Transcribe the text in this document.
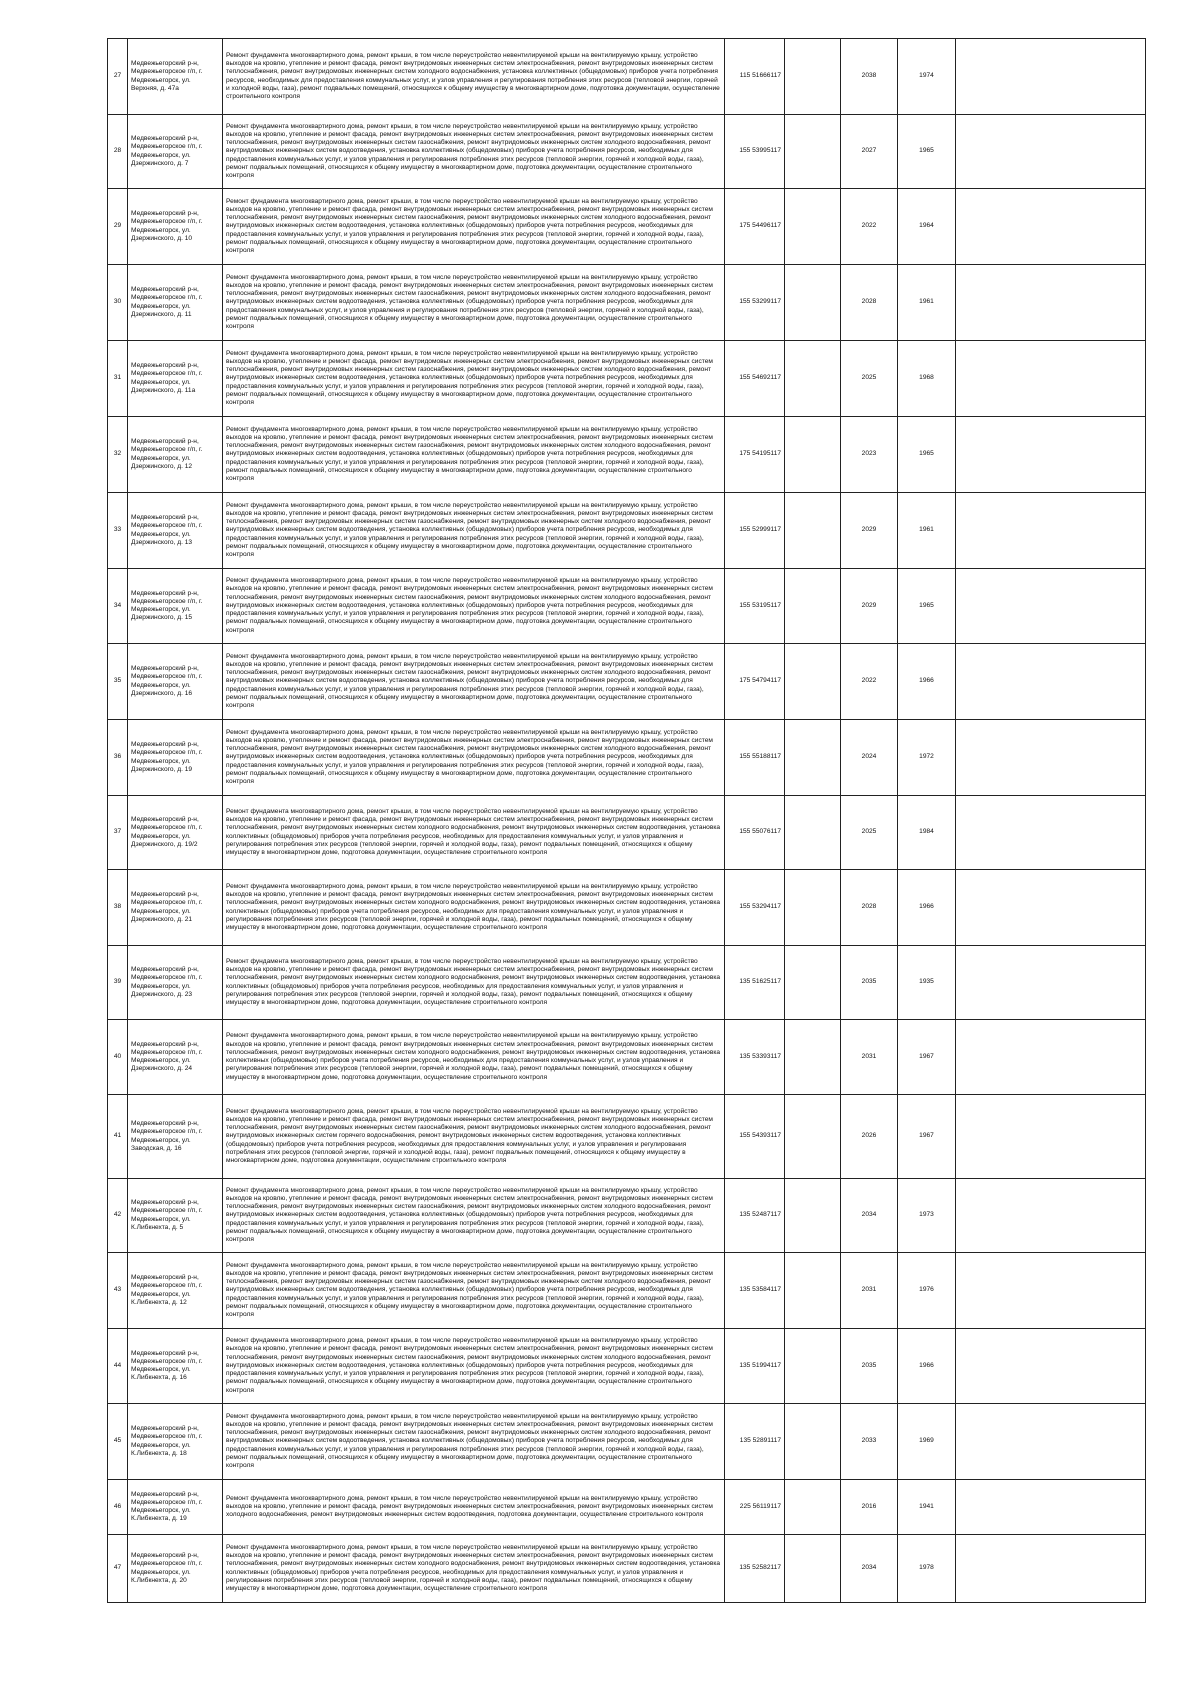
27	Медвежьегорский р-н, Медвежьегорское г/п, г. Медвежьегорск, ул. Верхняя, д. 47а	Ремонт фундамента многоквартирного дома, ремонт крыши, в том числе переустройство невентилируемой крыши на вентилируемую крышу, устройство выходов на кровлю, утепление и ремонт фасада, ремонт внутридомовых инженерных систем электроснабжения, ремонт внутридомовых инженерных систем теплоснабжения, ремонт внутридомовых инженерных систем холодного водоснабжения, установка коллективных (общедомовых) приборов учета потребления ресурсов, необходимых для предоставления коммунальных услуг, и узлов управления и регулирования потребления этих ресурсов (тепловой энергии, горячей и холодной воды, газа), ремонт подвальных помещений, относящихся к общему имуществу в многоквартирном доме, подготовка документации, осуществление строительного контроля	115 51666117		2038	1974	
28	Медвежьегорский р-н, Медвежьегорское г/п, г. Медвежьегорск, ул. Дзержинского, д. 7	Ремонт фундамента многоквартирного дома, ремонт крыши, в том числе переустройство невентилируемой крыши на вентилируемую крышу, устройство выходов на кровлю, утепление и ремонт фасада, ремонт внутридомовых инженерных систем электроснабжения, ремонт внутридомовых инженерных систем теплоснабжения, ремонт внутридомовых инженерных систем газоснабжения, ремонт внутридомовых инженерных систем холодного водоснабжения, ремонт внутридомовых инженерных систем водоотведения, установка коллективных (общедомовых) приборов учета потребления ресурсов, необходимых для предоставления коммунальных услуг, и узлов управления и регулирования потребления этих ресурсов (тепловой энергии, горячей и холодной воды, газа), ремонт подвальных помещений, относящихся к общему имуществу в многоквартирном доме, подготовка документации, осуществление строительного контроля	155 53995117		2027	1965	
29	Медвежьегорский р-н, Медвежьегорское г/п, г. Медвежьегорск, ул. Дзержинского, д. 10	Ремонт фундамента многоквартирного дома, ремонт крыши, в том числе переустройство невентилируемой крыши на вентилируемую крышу, устройство выходов на кровлю, утепление и ремонт фасада, ремонт внутридомовых инженерных систем электроснабжения, ремонт внутридомовых инженерных систем теплоснабжения, ремонт внутридомовых инженерных систем газоснабжения, ремонт внутридомовых инженерных систем холодного водоснабжения, ремонт внутридомовых инженерных систем водоотведения, установка коллективных (общедомовых) приборов учета потребления ресурсов, необходимых для предоставления коммунальных услуг, и узлов управления и регулирования потребления этих ресурсов (тепловой энергии, горячей и холодной воды, газа), ремонт подвальных помещений, относящихся к общему имуществу в многоквартирном доме, подготовка документации, осуществление строительного контроля	175 54496117		2022	1964	
30	Медвежьегорский р-н, Медвежьегорское г/п, г. Медвежьегорск, ул. Дзержинского, д. 11	Ремонт фундамента многоквартирного дома, ремонт крыши, в том числе переустройство невентилируемой крыши на вентилируемую крышу, устройство выходов на кровлю, утепление и ремонт фасада, ремонт внутридомовых инженерных систем электроснабжения, ремонт внутридомовых инженерных систем теплоснабжения, ремонт внутридомовых инженерных систем газоснабжения, ремонт внутридомовых инженерных систем холодного водоснабжения, ремонт внутридомовых инженерных систем водоотведения, установка коллективных (общедомовых) приборов учета потребления ресурсов, необходимых для предоставления коммунальных услуг, и узлов управления и регулирования потребления этих ресурсов (тепловой энергии, горячей и холодной воды, газа), ремонт подвальных помещений, относящихся к общему имуществу в многоквартирном доме, подготовка документации, осуществление строительного контроля	155 53299117		2028	1961	
31	Медвежьегорский р-н, Медвежьегорское г/п, г. Медвежьегорск, ул. Дзержинского, д. 11а	Ремонт фундамента многоквартирного дома, ремонт крыши, в том числе переустройство невентилируемой крыши на вентилируемую крышу, устройство выходов на кровлю, утепление и ремонт фасада, ремонт внутридомовых инженерных систем электроснабжения, ремонт внутридомовых инженерных систем теплоснабжения, ремонт внутридомовых инженерных систем газоснабжения, ремонт внутридомовых инженерных систем холодного водоснабжения, ремонт внутридомовых инженерных систем водоотведения, установка коллективных (общедомовых) приборов учета потребления ресурсов, необходимых для предоставления коммунальных услуг, и узлов управления и регулирования потребления этих ресурсов (тепловой энергии, горячей и холодной воды, газа), ремонт подвальных помещений, относящихся к общему имуществу в многоквартирном доме, подготовка документации, осуществление строительного контроля	155 54692117		2025	1968	
32	Медвежьегорский р-н, Медвежьегорское г/п, г. Медвежьегорск, ул. Дзержинского, д. 12	Ремонт фундамента многоквартирного дома, ремонт крыши, в том числе переустройство невентилируемой крыши на вентилируемую крышу, устройство выходов на кровлю, утепление и ремонт фасада, ремонт внутридомовых инженерных систем электроснабжения, ремонт внутридомовых инженерных систем теплоснабжения, ремонт внутридомовых инженерных систем газоснабжения, ремонт внутридомовых инженерных систем холодного водоснабжения, ремонт внутридомовых инженерных систем водоотведения, установка коллективных (общедомовых) приборов учета потребления ресурсов, необходимых для предоставления коммунальных услуг, и узлов управления и регулирования потребления этих ресурсов (тепловой энергии, горячей и холодной воды, газа), ремонт подвальных помещений, относящихся к общему имуществу в многоквартирном доме, подготовка документации, осуществление строительного контроля	175 54195117		2023	1965	
33	Медвежьегорский р-н, Медвежьегорское г/п, г. Медвежьегорск, ул. Дзержинского, д. 13	Ремонт фундамента многоквартирного дома, ремонт крыши, в том числе переустройство невентилируемой крыши на вентилируемую крышу, устройство выходов на кровлю, утепление и ремонт фасада, ремонт внутридомовых инженерных систем электроснабжения, ремонт внутридомовых инженерных систем теплоснабжения, ремонт внутридомовых инженерных систем газоснабжения, ремонт внутридомовых инженерных систем холодного водоснабжения, ремонт внутридомовых инженерных систем водоотведения, установка коллективных (общедомовых) приборов учета потребления ресурсов, необходимых для предоставления коммунальных услуг, и узлов управления и регулирования потребления этих ресурсов (тепловой энергии, горячей и холодной воды, газа), ремонт подвальных помещений, относящихся к общему имуществу в многоквартирном доме, подготовка документации, осуществление строительного контроля	155 52999117		2029	1961	
34	Медвежьегорский р-н, Медвежьегорское г/п, г. Медвежьегорск, ул. Дзержинского, д. 15	Ремонт фундамента многоквартирного дома, ремонт крыши, в том числе переустройство невентилируемой крыши на вентилируемую крышу, устройство выходов на кровлю, утепление и ремонт фасада, ремонт внутридомовых инженерных систем электроснабжения, ремонт внутридомовых инженерных систем теплоснабжения, ремонт внутридомовых инженерных систем газоснабжения, ремонт внутридомовых инженерных систем холодного водоснабжения, ремонт внутридомовых инженерных систем водоотведения, установка коллективных (общедомовых) приборов учета потребления ресурсов, необходимых для предоставления коммунальных услуг, и узлов управления и регулирования потребления этих ресурсов (тепловой энергии, горячей и холодной воды, газа), ремонт подвальных помещений, относящихся к общему имуществу в многоквартирном доме, подготовка документации, осуществление строительного контроля	155 53195117		2029	1965	
35	Медвежьегорский р-н, Медвежьегорское г/п, г. Медвежьегорск, ул. Дзержинского, д. 16	Ремонт фундамента многоквартирного дома, ремонт крыши, в том числе переустройство невентилируемой крыши на вентилируемую крышу, устройство выходов на кровлю, утепление и ремонт фасада, ремонт внутридомовых инженерных систем электроснабжения, ремонт внутридомовых инженерных систем теплоснабжения, ремонт внутридомовых инженерных систем газоснабжения, ремонт внутридомовых инженерных систем холодного водоснабжения, ремонт внутридомовых инженерных систем водоотведения, установка коллективных (общедомовых) приборов учета потребления ресурсов, необходимых для предоставления коммунальных услуг, и узлов управления и регулирования потребления этих ресурсов (тепловой энергии, горячей и холодной воды, газа), ремонт подвальных помещений, относящихся к общему имуществу в многоквартирном доме, подготовка документации, осуществление строительного контроля	175 54794117		2022	1966	
36	Медвежьегорский р-н, Медвежьегорское г/п, г. Медвежьегорск, ул. Дзержинского, д. 19	Ремонт фундамента многоквартирного дома, ремонт крыши, в том числе переустройство невентилируемой крыши на вентилируемую крышу, устройство выходов на кровлю, утепление и ремонт фасада, ремонт внутридомовых инженерных систем электроснабжения, ремонт внутридомовых инженерных систем теплоснабжения, ремонт внутридомовых инженерных систем газоснабжения, ремонт внутридомовых инженерных систем холодного водоснабжения, ремонт внутридомовых инженерных систем водоотведения, установка коллективных (общедомовых) приборов учета потребления ресурсов, необходимых для предоставления коммунальных услуг, и узлов управления и регулирования потребления этих ресурсов (тепловой энергии, горячей и холодной воды, газа), ремонт подвальных помещений, относящихся к общему имуществу в многоквартирном доме, подготовка документации, осуществление строительного контроля	155 55188117		2024	1972	
37	Медвежьегорский р-н, Медвежьегорское г/п, г. Медвежьегорск, ул. Дзержинского, д. 19/2	Ремонт фундамента многоквартирного дома, ремонт крыши, в том числе переустройство невентилируемой крыши на вентилируемую крышу, устройство выходов на кровлю, утепление и ремонт фасада, ремонт внутридомовых инженерных систем электроснабжения, ремонт внутридомовых инженерных систем теплоснабжения, ремонт внутридомовых инженерных систем холодного водоснабжения, ремонт внутридомовых инженерных систем водоотведения, установка коллективных (общедомовых) приборов учета потребления ресурсов, необходимых для предоставления коммунальных услуг, и узлов управления и регулирования потребления этих ресурсов (тепловой энергии, горячей и холодной воды, газа), ремонт подвальных помещений, относящихся к общему имуществу в многоквартирном доме, подготовка документации, осуществление строительного контроля	155 55076117		2025	1984	
38	Медвежьегорский р-н, Медвежьегорское г/п, г. Медвежьегорск, ул. Дзержинского, д. 21	Ремонт фундамента многоквартирного дома, ремонт крыши, в том числе переустройство невентилируемой крыши на вентилируемую крышу, устройство выходов на кровлю, утепление и ремонт фасада, ремонт внутридомовых инженерных систем электроснабжения, ремонт внутридомовых инженерных систем теплоснабжения, ремонт внутридомовых инженерных систем холодного водоснабжения, ремонт внутридомовых инженерных систем водоотведения, установка коллективных (общедомовых) приборов учета потребления ресурсов, необходимых для предоставления коммунальных услуг, и узлов управления и регулирования потребления этих ресурсов (тепловой энергии, горячей и холодной воды, газа), ремонт подвальных помещений, относящихся к общему имуществу в многоквартирном доме, подготовка документации, осуществление строительного контроля	155 53294117		2028	1966	
39	Медвежьегорский р-н, Медвежьегорское г/п, г. Медвежьегорск, ул. Дзержинского, д. 23	Ремонт фундамента многоквартирного дома, ремонт крыши, в том числе переустройство невентилируемой крыши на вентилируемую крышу, устройство выходов на кровлю, утепление и ремонт фасада, ремонт внутридомовых инженерных систем электроснабжения, ремонт внутридомовых инженерных систем теплоснабжения, ремонт внутридомовых инженерных систем холодного водоснабжения, ремонт внутридомовых инженерных систем водоотведения, установка коллективных (общедомовых) приборов учета потребления ресурсов, необходимых для предоставления коммунальных услуг, и узлов управления и регулирования потребления этих ресурсов (тепловой энергии, горячей и холодной воды, газа), ремонт подвальных помещений, относящихся к общему имуществу в многоквартирном доме, подготовка документации, осуществление строительного контроля	135 51625117		2035	1935	
40	Медвежьегорский р-н, Медвежьегорское г/п, г. Медвежьегорск, ул. Дзержинского, д. 24	Ремонт фундамента многоквартирного дома, ремонт крыши, в том числе переустройство невентилируемой крыши на вентилируемую крышу, устройство выходов на кровлю, утепление и ремонт фасада, ремонт внутридомовых инженерных систем электроснабжения, ремонт внутридомовых инженерных систем теплоснабжения, ремонт внутридомовых инженерных систем холодного водоснабжения, ремонт внутридомовых инженерных систем водоотведения, установка коллективных (общедомовых) приборов учета потребления ресурсов, необходимых для предоставления коммунальных услуг, и узлов управления и регулирования потребления этих ресурсов (тепловой энергии, горячей и холодной воды, газа), ремонт подвальных помещений, относящихся к общему имуществу в многоквартирном доме, подготовка документации, осуществление строительного контроля	135 53393117		2031	1967	
41	Медвежьегорский р-н, Медвежьегорское г/п, г. Медвежьегорск, ул. Заводская, д. 16	Ремонт фундамента многоквартирного дома, ремонт крыши, в том числе переустройство невентилируемой крыши на вентилируемую крышу, устройство выходов на кровлю, утепление и ремонт фасада, ремонт внутридомовых инженерных систем электроснабжения, ремонт внутридомовых инженерных систем теплоснабжения, ремонт внутридомовых инженерных систем газоснабжения, ремонт внутридомовых инженерных систем холодного водоснабжения, ремонт внутридомовых инженерных систем горячего водоснабжения, ремонт внутридомовых инженерных систем водоотведения, установка коллективных (общедомовых) приборов учета потребления ресурсов, необходимых для предоставления коммунальных услуг, и узлов управления и регулирования потребления этих ресурсов (тепловой энергии, горячей и холодной воды, газа), ремонт подвальных помещений, относящихся к общему имуществу в многоквартирном доме, подготовка документации, осуществление строительного контроля	155 54393117		2026	1967	
42	Медвежьегорский р-н, Медвежьегорское г/п, г. Медвежьегорск, ул. К.Либкнехта, д. 5	Ремонт фундамента многоквартирного дома, ремонт крыши, в том числе переустройство невентилируемой крыши на вентилируемую крышу, устройство выходов на кровлю, утепление и ремонт фасада, ремонт внутридомовых инженерных систем электроснабжения, ремонт внутридомовых инженерных систем теплоснабжения, ремонт внутридомовых инженерных систем газоснабжения, ремонт внутридомовых инженерных систем холодного водоснабжения, ремонт внутридомовых инженерных систем водоотведения, установка коллективных (общедомовых) приборов учета потребления ресурсов, необходимых для предоставления коммунальных услуг, и узлов управления и регулирования потребления этих ресурсов (тепловой энергии, горячей и холодной воды, газа), ремонт подвальных помещений, относящихся к общему имуществу в многоквартирном доме, подготовка документации, осуществление строительного контроля	135 52487117		2034	1973	
43	Медвежьегорский р-н, Медвежьегорское г/п, г. Медвежьегорск, ул. К.Либкнехта, д. 12	Ремонт фундамента многоквартирного дома, ремонт крыши, в том числе переустройство невентилируемой крыши на вентилируемую крышу, устройство выходов на кровлю, утепление и ремонт фасада, ремонт внутридомовых инженерных систем электроснабжения, ремонт внутридомовых инженерных систем теплоснабжения, ремонт внутридомовых инженерных систем газоснабжения, ремонт внутридомовых инженерных систем холодного водоснабжения, ремонт внутридомовых инженерных систем водоотведения, установка коллективных (общедомовых) приборов учета потребления ресурсов, необходимых для предоставления коммунальных услуг, и узлов управления и регулирования потребления этих ресурсов (тепловой энергии, горячей и холодной воды, газа), ремонт подвальных помещений, относящихся к общему имуществу в многоквартирном доме, подготовка документации, осуществление строительного контроля	135 53584117		2031	1976	
44	Медвежьегорский р-н, Медвежьегорское г/п, г. Медвежьегорск, ул. К.Либкнехта, д. 16	Ремонт фундамента многоквартирного дома, ремонт крыши, в том числе переустройство невентилируемой крыши на вентилируемую крышу, устройство выходов на кровлю, утепление и ремонт фасада, ремонт внутридомовых инженерных систем электроснабжения, ремонт внутридомовых инженерных систем теплоснабжения, ремонт внутридомовых инженерных систем газоснабжения, ремонт внутридомовых инженерных систем холодного водоснабжения, ремонт внутридомовых инженерных систем водоотведения, установка коллективных (общедомовых) приборов учета потребления ресурсов, необходимых для предоставления коммунальных услуг, и узлов управления и регулирования потребления этих ресурсов (тепловой энергии, горячей и холодной воды, газа), ремонт подвальных помещений, относящихся к общему имуществу в многоквартирном доме, подготовка документации, осуществление строительного контроля	135 51994117		2035	1966	
45	Медвежьегорский р-н, Медвежьегорское г/п, г. Медвежьегорск, ул. К.Либкнехта, д. 18	Ремонт фундамента многоквартирного дома, ремонт крыши, в том числе переустройство невентилируемой крыши на вентилируемую крышу, устройство выходов на кровлю, утепление и ремонт фасада, ремонт внутридомовых инженерных систем электроснабжения, ремонт внутридомовых инженерных систем теплоснабжения, ремонт внутридомовых инженерных систем газоснабжения, ремонт внутридомовых инженерных систем холодного водоснабжения, ремонт внутридомовых инженерных систем водоотведения, установка коллективных (общедомовых) приборов учета потребления ресурсов, необходимых для предоставления коммунальных услуг, и узлов управления и регулирования потребления этих ресурсов (тепловой энергии, горячей и холодной воды, газа), ремонт подвальных помещений, относящихся к общему имуществу в многоквартирном доме, подготовка документации, осуществление строительного контроля	135 52891117		2033	1969	
46	Медвежьегорский р-н, Медвежьегорское г/п, г. Медвежьегорск, ул. К.Либкнехта, д. 19	Ремонт фундамента многоквартирного дома, ремонт крыши, в том числе переустройство невентилируемой крыши на вентилируемую крышу, устройство выходов на кровлю, утепление и ремонт фасада, ремонт внутридомовых инженерных систем электроснабжения, ремонт внутридомовых инженерных систем холодного водоснабжения, ремонт внутридомовых инженерных систем водоотведения, подготовка документации, осуществление строительного контроля	225 56119117		2016	1941	
47	Медвежьегорский р-н, Медвежьегорское г/п, г. Медвежьегорск, ул. К.Либкнехта, д. 20	Ремонт фундамента многоквартирного дома, ремонт крыши, в том числе переустройство невентилируемой крыши на вентилируемую крышу, устройство выходов на кровлю, утепление и ремонт фасада, ремонт внутридомовых инженерных систем электроснабжения, ремонт внутридомовых инженерных систем теплоснабжения, ремонт внутридомовых инженерных систем холодного водоснабжения, ремонт внутридомовых инженерных систем водоотведения, установка коллективных (общедомовых) приборов учета потребления ресурсов, необходимых для предоставления коммунальных услуг, и узлов управления и регулирования потребления этих ресурсов (тепловой энергии, горячей и холодной воды, газа), ремонт подвальных помещений, относящихся к общему имуществу в многоквартирном доме, подготовка документации, осуществление строительного контроля	135 52582117		2034	1978	
